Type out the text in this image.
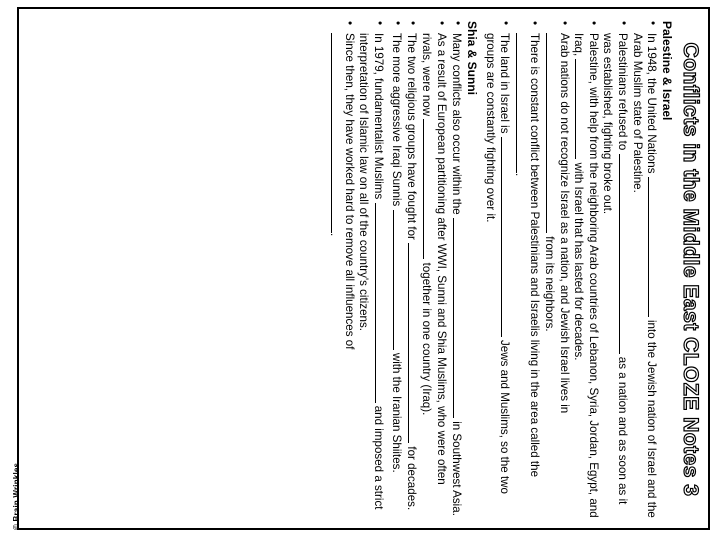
© Brain Wrinkles	Conflicts in the Middle East CLOZE Notes 3
Palestine & Israel
• In 1948, the United Nations  into the Jewish nation of Israel and the Arab Muslim state of Palestine.
• Palestinians refused to  as a nation and as soon as it was established, fighting broke out.
• Palestine, with help from the neighboring Arab countries of Lebanon, Syria, Jordan, Egypt, and Iraq,  with Israel that has lasted for decades.
• Arab nations do not recognize Israel as a nation, and Jewish Israel lives in
from its neighbors.
• There is constant conflict between Palestinians and Israelis living in the area called the .
• The land in Israel is  Jews and Muslims, so the two groups are constantly fighting over it.
Shia & Sunni
• Many conflicts also occur within the  in Southwest Asia.
• As a result of European partitioning after WWI, Sunni and Shia Muslims, who were often rivals, were now  together in one country (Iraq).
• The two religious groups have fought for  for decades.
• The more aggressive Iraqi Sunnis  with the Iranian Shiites.
• In 1979, fundamentalist Muslims  and imposed a strict interpretation of Islamic law on all of the country's citizens.
• Since then, they have worked hard to remove all influences of
.
